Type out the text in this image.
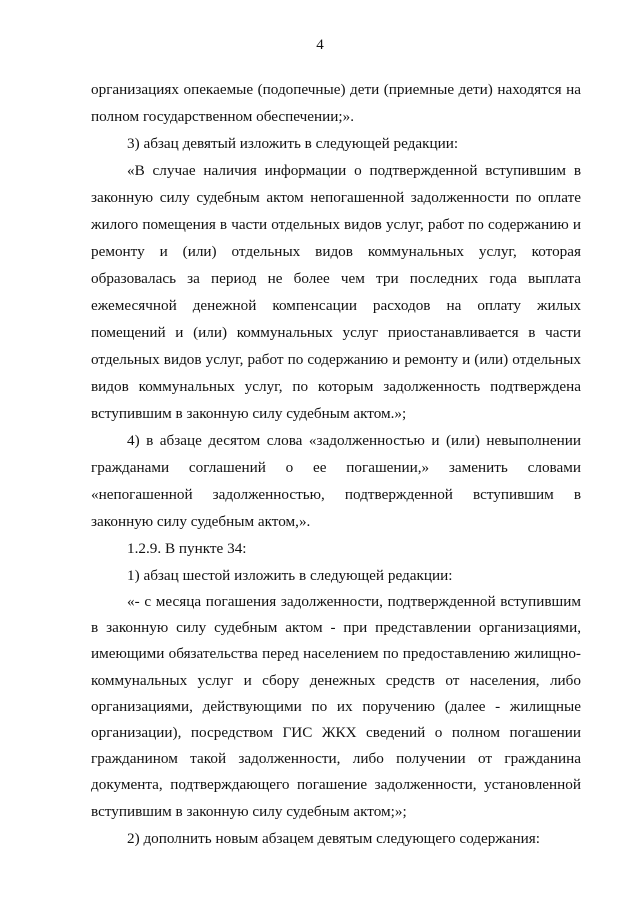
4

организациях опекаемые (подопечные) дети (приемные дети) находятся на полном государственном обеспечении;».

3) абзац девятый изложить в следующей редакции:

«В случае наличия информации о подтвержденной вступившим в законную силу судебным актом непогашенной задолженности по оплате жилого помещения в части отдельных видов услуг, работ по содержанию и ремонту и (или) отдельных видов коммунальных услуг, которая образовалась за период не более чем три последних года выплата ежемесячной денежной компенсации расходов на оплату жилых помещений и (или) коммунальных услуг приостанавливается в части отдельных видов услуг, работ по содержанию и ремонту и (или) отдельных видов коммунальных услуг, по которым задолженность подтверждена вступившим в законную силу судебным актом.»;

4) в абзаце десятом слова «задолженностью и (или) невыполнении гражданами соглашений о ее погашении,» заменить словами «непогашенной задолженностью, подтвержденной вступившим в законную силу судебным актом,».

1.2.9. В пункте 34:

1) абзац шестой изложить в следующей редакции:

«- с месяца погашения задолженности, подтвержденной вступившим в законную силу судебным актом - при представлении организациями, имеющими обязательства перед населением по предоставлению жилищно-коммунальных услуг и сбору денежных средств от населения, либо организациями, действующими по их поручению (далее - жилищные организации), посредством ГИС ЖКХ сведений о полном погашении гражданином такой задолженности, либо получении от гражданина документа, подтверждающего погашение задолженности, установленной вступившим в законную силу судебным актом;»;

2) дополнить новым абзацем девятым следующего содержания:
